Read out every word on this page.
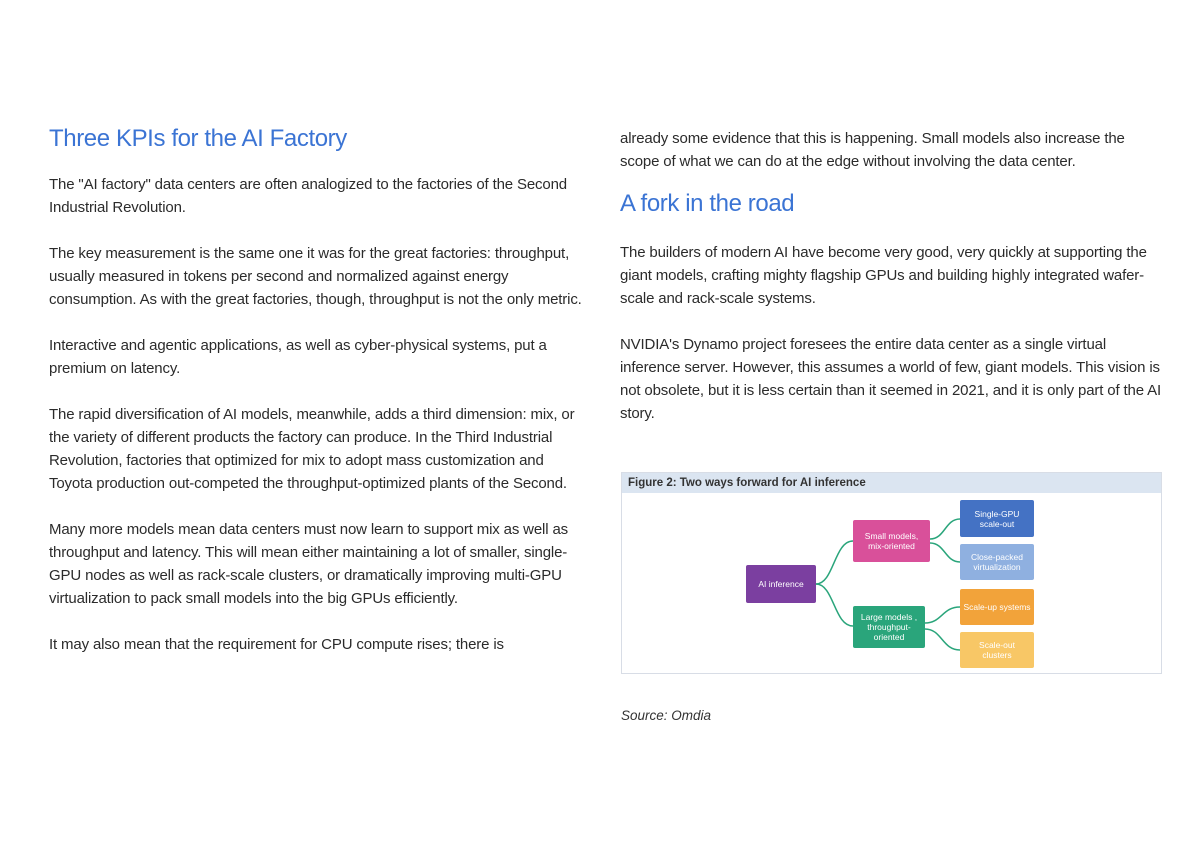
Three KPIs for the AI Factory

The "AI factory" data centers are often analogized to the factories of the Second Industrial Revolution.

The key measurement is the same one it was for the great factories: throughput, usually measured in tokens per second and normalized against energy consumption. As with the great factories, though, throughput is not the only metric.

Interactive and agentic applications, as well as cyber-physical systems, put a premium on latency.

The rapid diversification of AI models, meanwhile, adds a third dimension: mix, or the variety of different products the factory can produce. In the Third Industrial Revolution, factories that optimized for mix to adopt mass customization and Toyota production out-competed the throughput-optimized plants of the Second.

Many more models mean data centers must now learn to support mix as well as throughput and latency. This will mean either maintaining a lot of smaller, single-GPU nodes as well as rack-scale clusters, or dramatically improving multi-GPU virtualization to pack small models into the big GPUs efficiently.

It may also mean that the requirement for CPU compute rises; there is

already some evidence that this is happening. Small models also increase the scope of what we can do at the edge without involving the data center.

A fork in the road

The builders of modern AI have become very good, very quickly at supporting the giant models, crafting mighty flagship GPUs and building highly integrated wafer-scale and rack-scale systems.

NVIDIA's Dynamo project foresees the entire data center as a single virtual inference server. However, this assumes a world of few, giant models. This vision is not obsolete, but it is less certain than it seemed in 2021, and it is only part of the AI story.

Figure 2: Two ways forward for AI inference
AI inference
Small models, mix-oriented
Large models , throughput-oriented
Single-GPU scale-out
Close-packed virtualization
Scale-up systems
Scale-out clusters
Source: Omdia
